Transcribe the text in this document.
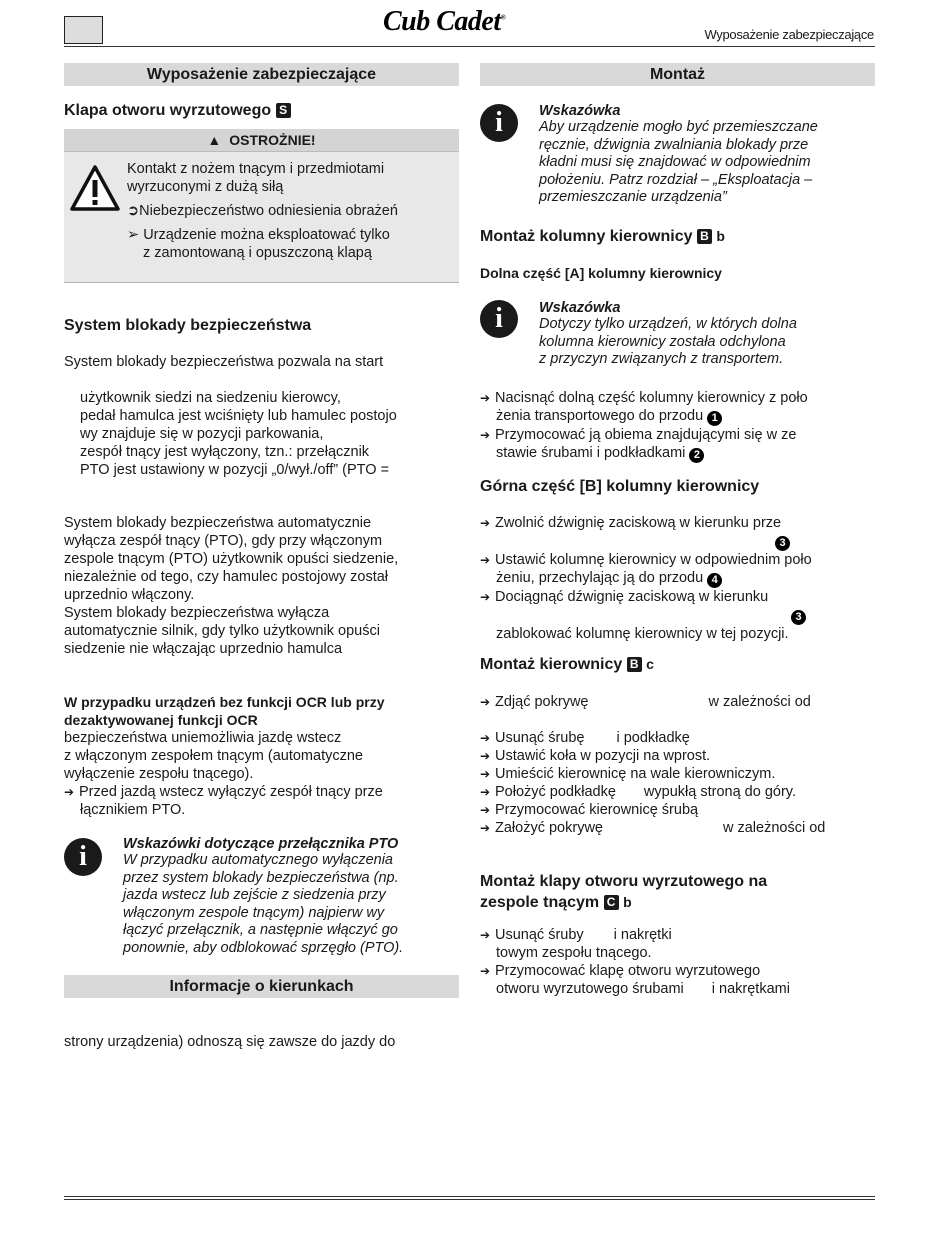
Cub Cadet®
Wyposażenie zabezpieczające
Wyposażenie zabezpieczające
Klapa otworu wyrzutowego S
▲ OSTROŻNIE!
Kontakt z nożem tnącym i przedmiotami
wyrzuconymi z dużą siłą
➲Niebezpieczeństwo odniesienia obrażeń
➢ Urządzenie można eksploatować tylko
z zamontowaną i opuszczoną klapą
System blokady bezpieczeństwa
System blokady bezpieczeństwa pozwala na start
użytkownik siedzi na siedzeniu kierowcy,
pedał hamulca jest wciśnięty lub hamulec postojo
wy znajduje się w pozycji parkowania,
zespół tnący jest wyłączony, tzn.: przełącznik
PTO jest ustawiony w pozycji „0/wył./off” (PTO =
System blokady bezpieczeństwa automatycznie
wyłącza zespół tnący (PTO), gdy przy włączonym
zespole tnącym (PTO) użytkownik opuści siedzenie,
niezależnie od tego, czy hamulec postojowy został
uprzednio włączony.
System blokady bezpieczeństwa wyłącza
automatycznie silnik, gdy tylko użytkownik opuści
siedzenie nie włączając uprzednio hamulca
W przypadku urządzeń bez funkcji OCR lub przy
dezaktywowanej funkcji OCR
bezpieczeństwa uniemożliwia jazdę wstecz
z włączonym zespołem tnącym (automatyczne
wyłączenie zespołu tnącego).
➔ Przed jazdą wstecz wyłączyć zespół tnący prze
łącznikiem PTO.
i	Wskazówki dotyczące przełącznika PTO
W przypadku automatycznego wyłączenia
przez system blokady bezpieczeństwa (np.
jazda wstecz lub zejście z siedzenia przy
włączonym zespole tnącym) najpierw wy
łączyć przełącznik, a następnie włączyć go
ponownie, aby odblokować sprzęgło (PTO).
Informacje o kierunkach
strony urządzenia) odnoszą się zawsze do jazdy do
Montaż
i	Wskazówka
Aby urządzenie mogło być przemieszczane
ręcznie, dźwignia zwalniania blokady prze
kładni musi się znajdować w odpowiednim
położeniu. Patrz rozdział – „Eksploatacja –
przemieszczanie urządzenia”
Montaż kolumny kierownicy B b
Dolna część [A] kolumny kierownicy
i	Wskazówka
Dotyczy tylko urządzeń, w których dolna
kolumna kierownicy została odchylona
z przyczyn związanych z transportem.
➔ Nacisnąć dolną część kolumny kierownicy z poło
żenia transportowego do przodu 1
➔ Przymocować ją obiema znajdującymi się w ze
stawie śrubami i podkładkami 2
Górna część [B] kolumny kierownicy
➔ Zwolnić dźwignię zaciskową w kierunku prze
3
➔ Ustawić kolumnę kierownicy w odpowiednim poło
żeniu, przechylając ją do przodu 4
➔ Dociągnąć dźwignię zaciskową w kierunku
3
zablokować kolumnę kierownicy w tej pozycji.
Montaż kierownicy B c
➔ Zdjąć pokrywę	w zależności od
➔ Usunąć śrubę i podkładkę
➔ Ustawić koła w pozycji na wprost.
➔ Umieścić kierownicę na wale kierowniczym.
➔ Położyć podkładkę wypukłą stroną do góry.
➔ Przymocować kierownicę śrubą
➔ Założyć pokrywę	w zależności od
Montaż klapy otworu wyrzutowego na
zespole tnącym C b
➔ Usunąć śruby i nakrętki
towym zespołu tnącego.
➔ Przymocować klapę otworu wyrzutowego
otworu wyrzutowego śrubami i nakrętkami
